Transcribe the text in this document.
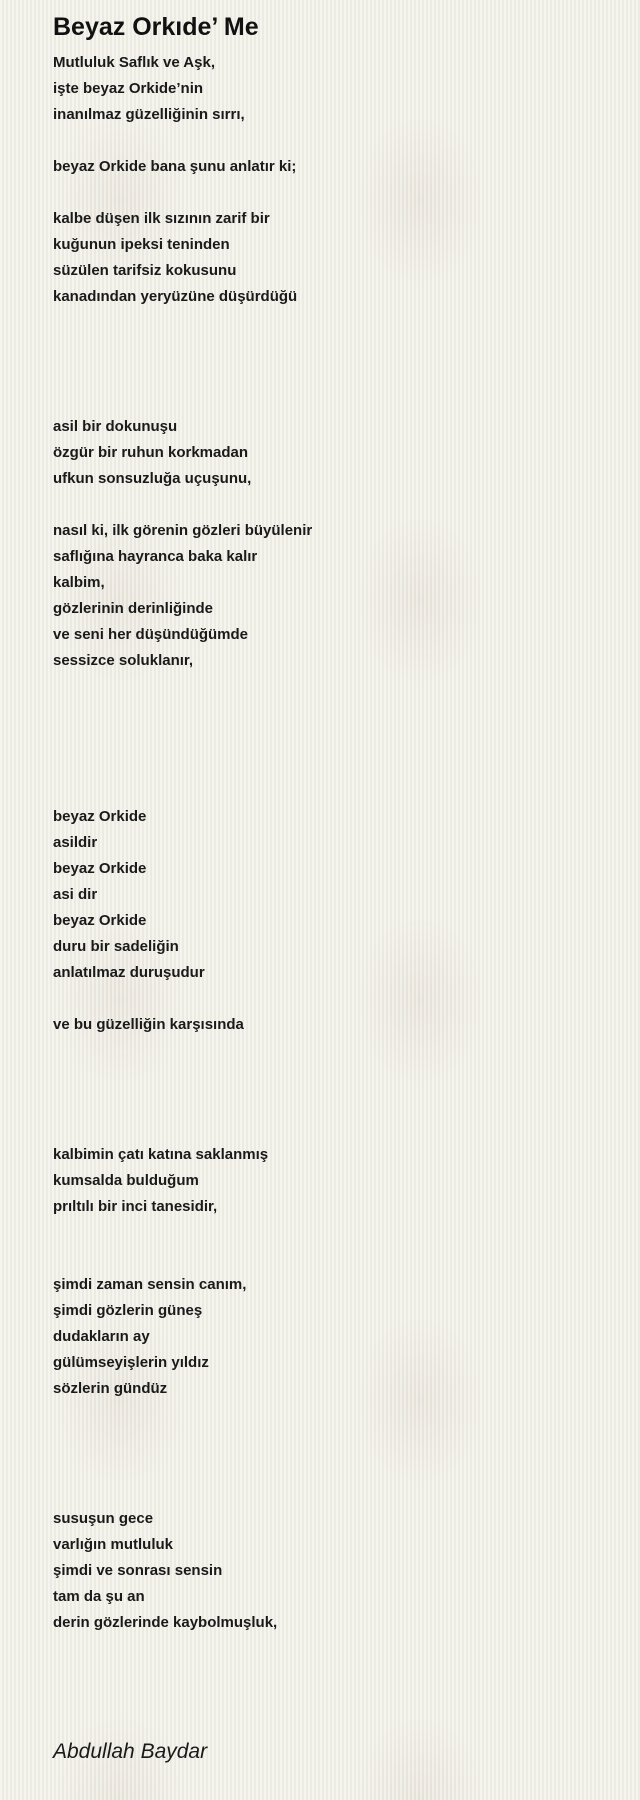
Beyaz Orkıde’ Me
Mutluluk Saflık ve Aşk,
işte beyaz Orkide’nin
inanılmaz güzelliğinin sırrı,
beyaz Orkide bana şunu anlatır ki;
kalbe düşen ilk sızının zarif bir
kuğunun ipeksi teninden
süzülen tarifsiz kokusunu
kanadından yeryüzüne düşürdüğü
asil bir dokunuşu
özgür bir ruhun korkmadan
ufkun sonsuzluğa uçuşunu,
nasıl ki, ilk görenin gözleri büyülenir
saflığına hayranca baka kalır
kalbim,
gözlerinin derinliğinde
ve seni her düşündüğümde
sessizce soluklanır,
beyaz Orkide
asildir
beyaz Orkide
asi dir
beyaz Orkide
duru bir sadeliğin
anlatılmaz duruşudur
ve bu güzelliğin karşısında
kalbimin çatı katına saklanmış
kumsalda bulduğum
prıltılı bir inci tanesidir,
şimdi zaman sensin canım,
şimdi gözlerin güneş
dudakların ay
gülümseyişlerin yıldız
sözlerin gündüz
susuşun gece
varlığın mutluluk
şimdi ve sonrası sensin
tam da şu an
derin gözlerinde kaybolmuşluk,
Abdullah Baydar
